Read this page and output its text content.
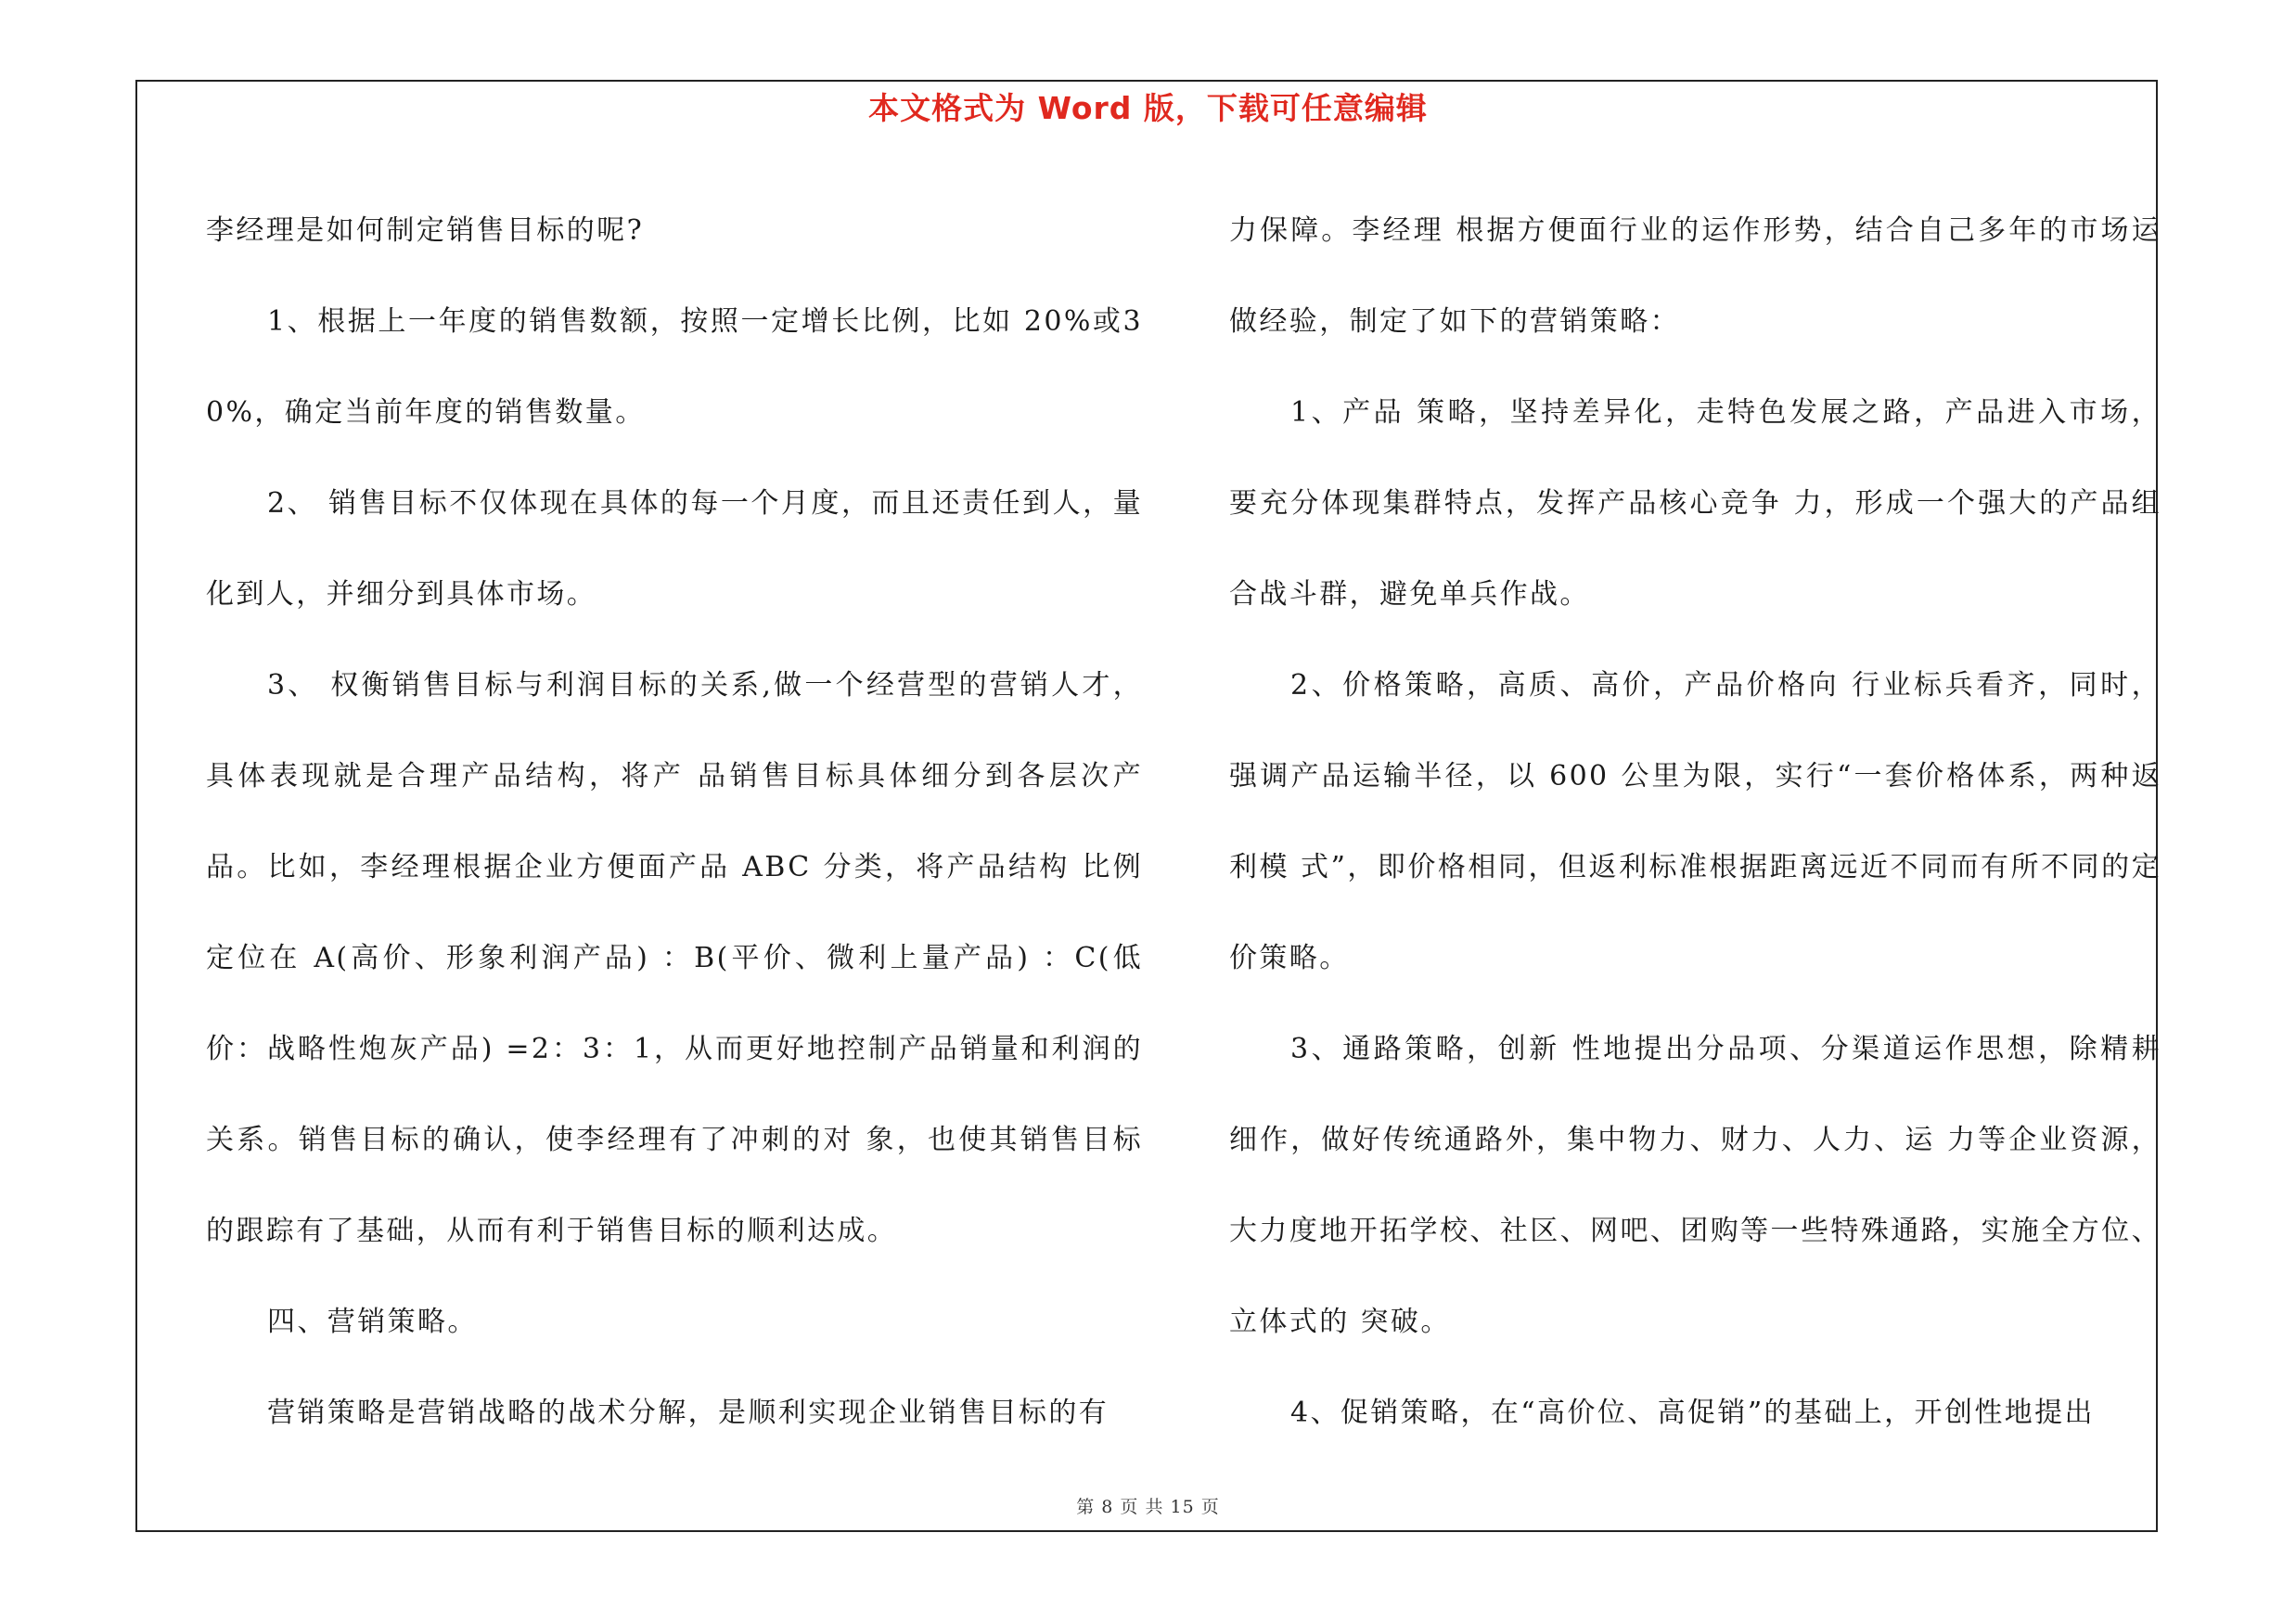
本文格式为 Word 版，下载可任意编辑

李经理是如何制定销售目标的呢?

1、根据上一年度的销售数额，按照一定增长比例，比如 20%或30%，确定当前年度的销售数量。

2、 销售目标不仅体现在具体的每一个月度，而且还责任到人，量化到人，并细分到具体市场。

3、 权衡销售目标与利润目标的关系,做一个经营型的营销人才，具体表现就是合理产品结构，将产 品销售目标具体细分到各层次产品。比如，李经理根据企业方便面产品 ABC 分类，将产品结构 比例定位在 A(高价、形象利润产品) ：B(平价、微利上量产品) ：C(低价：战略性炮灰产品) =2：3：1，从而更好地控制产品销量和利润的关系。销售目标的确认，使李经理有了冲刺的对 象，也使其销售目标的跟踪有了基础，从而有利于销售目标的顺利达成。

四、营销策略。

营销策略是营销战略的战术分解，是顺利实现企业销售目标的有

力保障。李经理 根据方便面行业的运作形势，结合自己多年的市场运做经验，制定了如下的营销策略：

1、产品 策略，坚持差异化，走特色发展之路，产品进入市场，要充分体现集群特点，发挥产品核心竞争 力，形成一个强大的产品组合战斗群，避免单兵作战。

2、价格策略，高质、高价，产品价格向 行业标兵看齐，同时，强调产品运输半径，以 600 公里为限，实行“一套价格体系，两种返利模 式”，即价格相同，但返利标准根据距离远近不同而有所不同的定价策略。

3、通路策略，创新 性地提出分品项、分渠道运作思想，除精耕细作，做好传统通路外，集中物力、财力、人力、运 力等企业资源，大力度地开拓学校、社区、网吧、团购等一些特殊通路，实施全方位、立体式的 突破。

4、促销策略，在“高价位、高促销”的基础上，开创性地提出

第 8 页 共 15 页
